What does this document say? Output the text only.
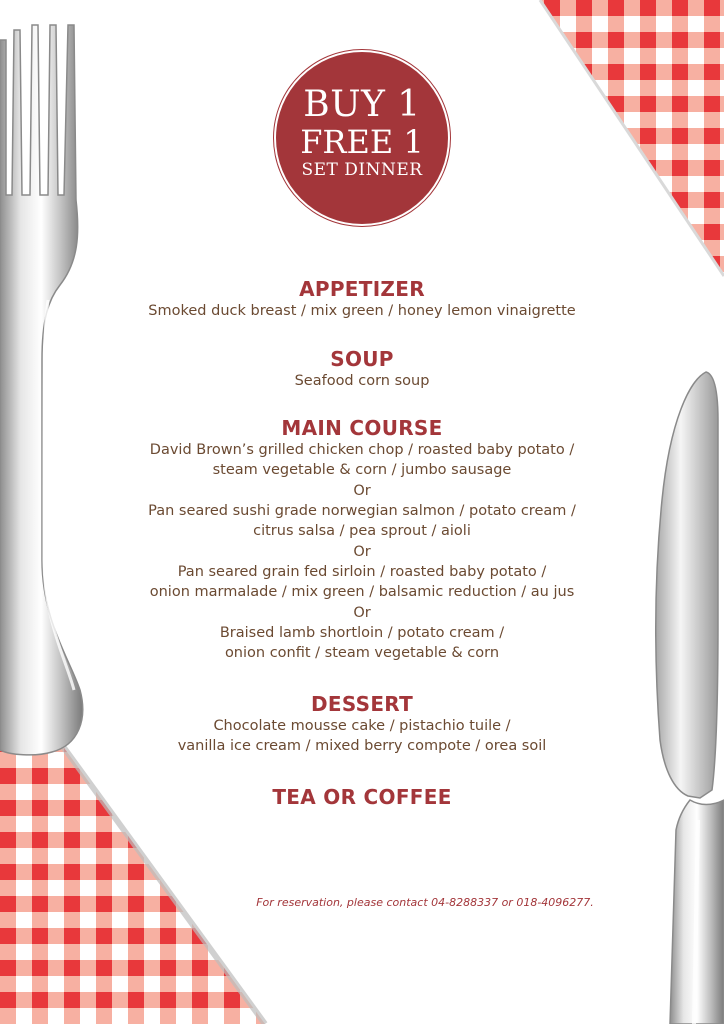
BUY 1
FREE 1
SET DINNER
APPETIZER

Smoked duck breast / mix green / honey lemon vinaigrette

SOUP

Seafood corn soup

MAIN COURSE

David Brown’s grilled chicken chop / roasted baby potato /

steam vegetable & corn / jumbo sausage

Or

Pan seared sushi grade norwegian salmon / potato cream /

citrus salsa / pea sprout / aioli

Or

Pan seared grain fed sirloin / roasted baby potato /

onion marmalade / mix green / balsamic reduction / au jus

Or

Braised lamb shortloin / potato cream /

onion confit / steam vegetable & corn

DESSERT

Chocolate mousse cake / pistachio tuile /

vanilla ice cream / mixed berry compote / orea soil

TEA OR COFFEE
For reservation, please contact 04-8288337 or 018-4096277.
